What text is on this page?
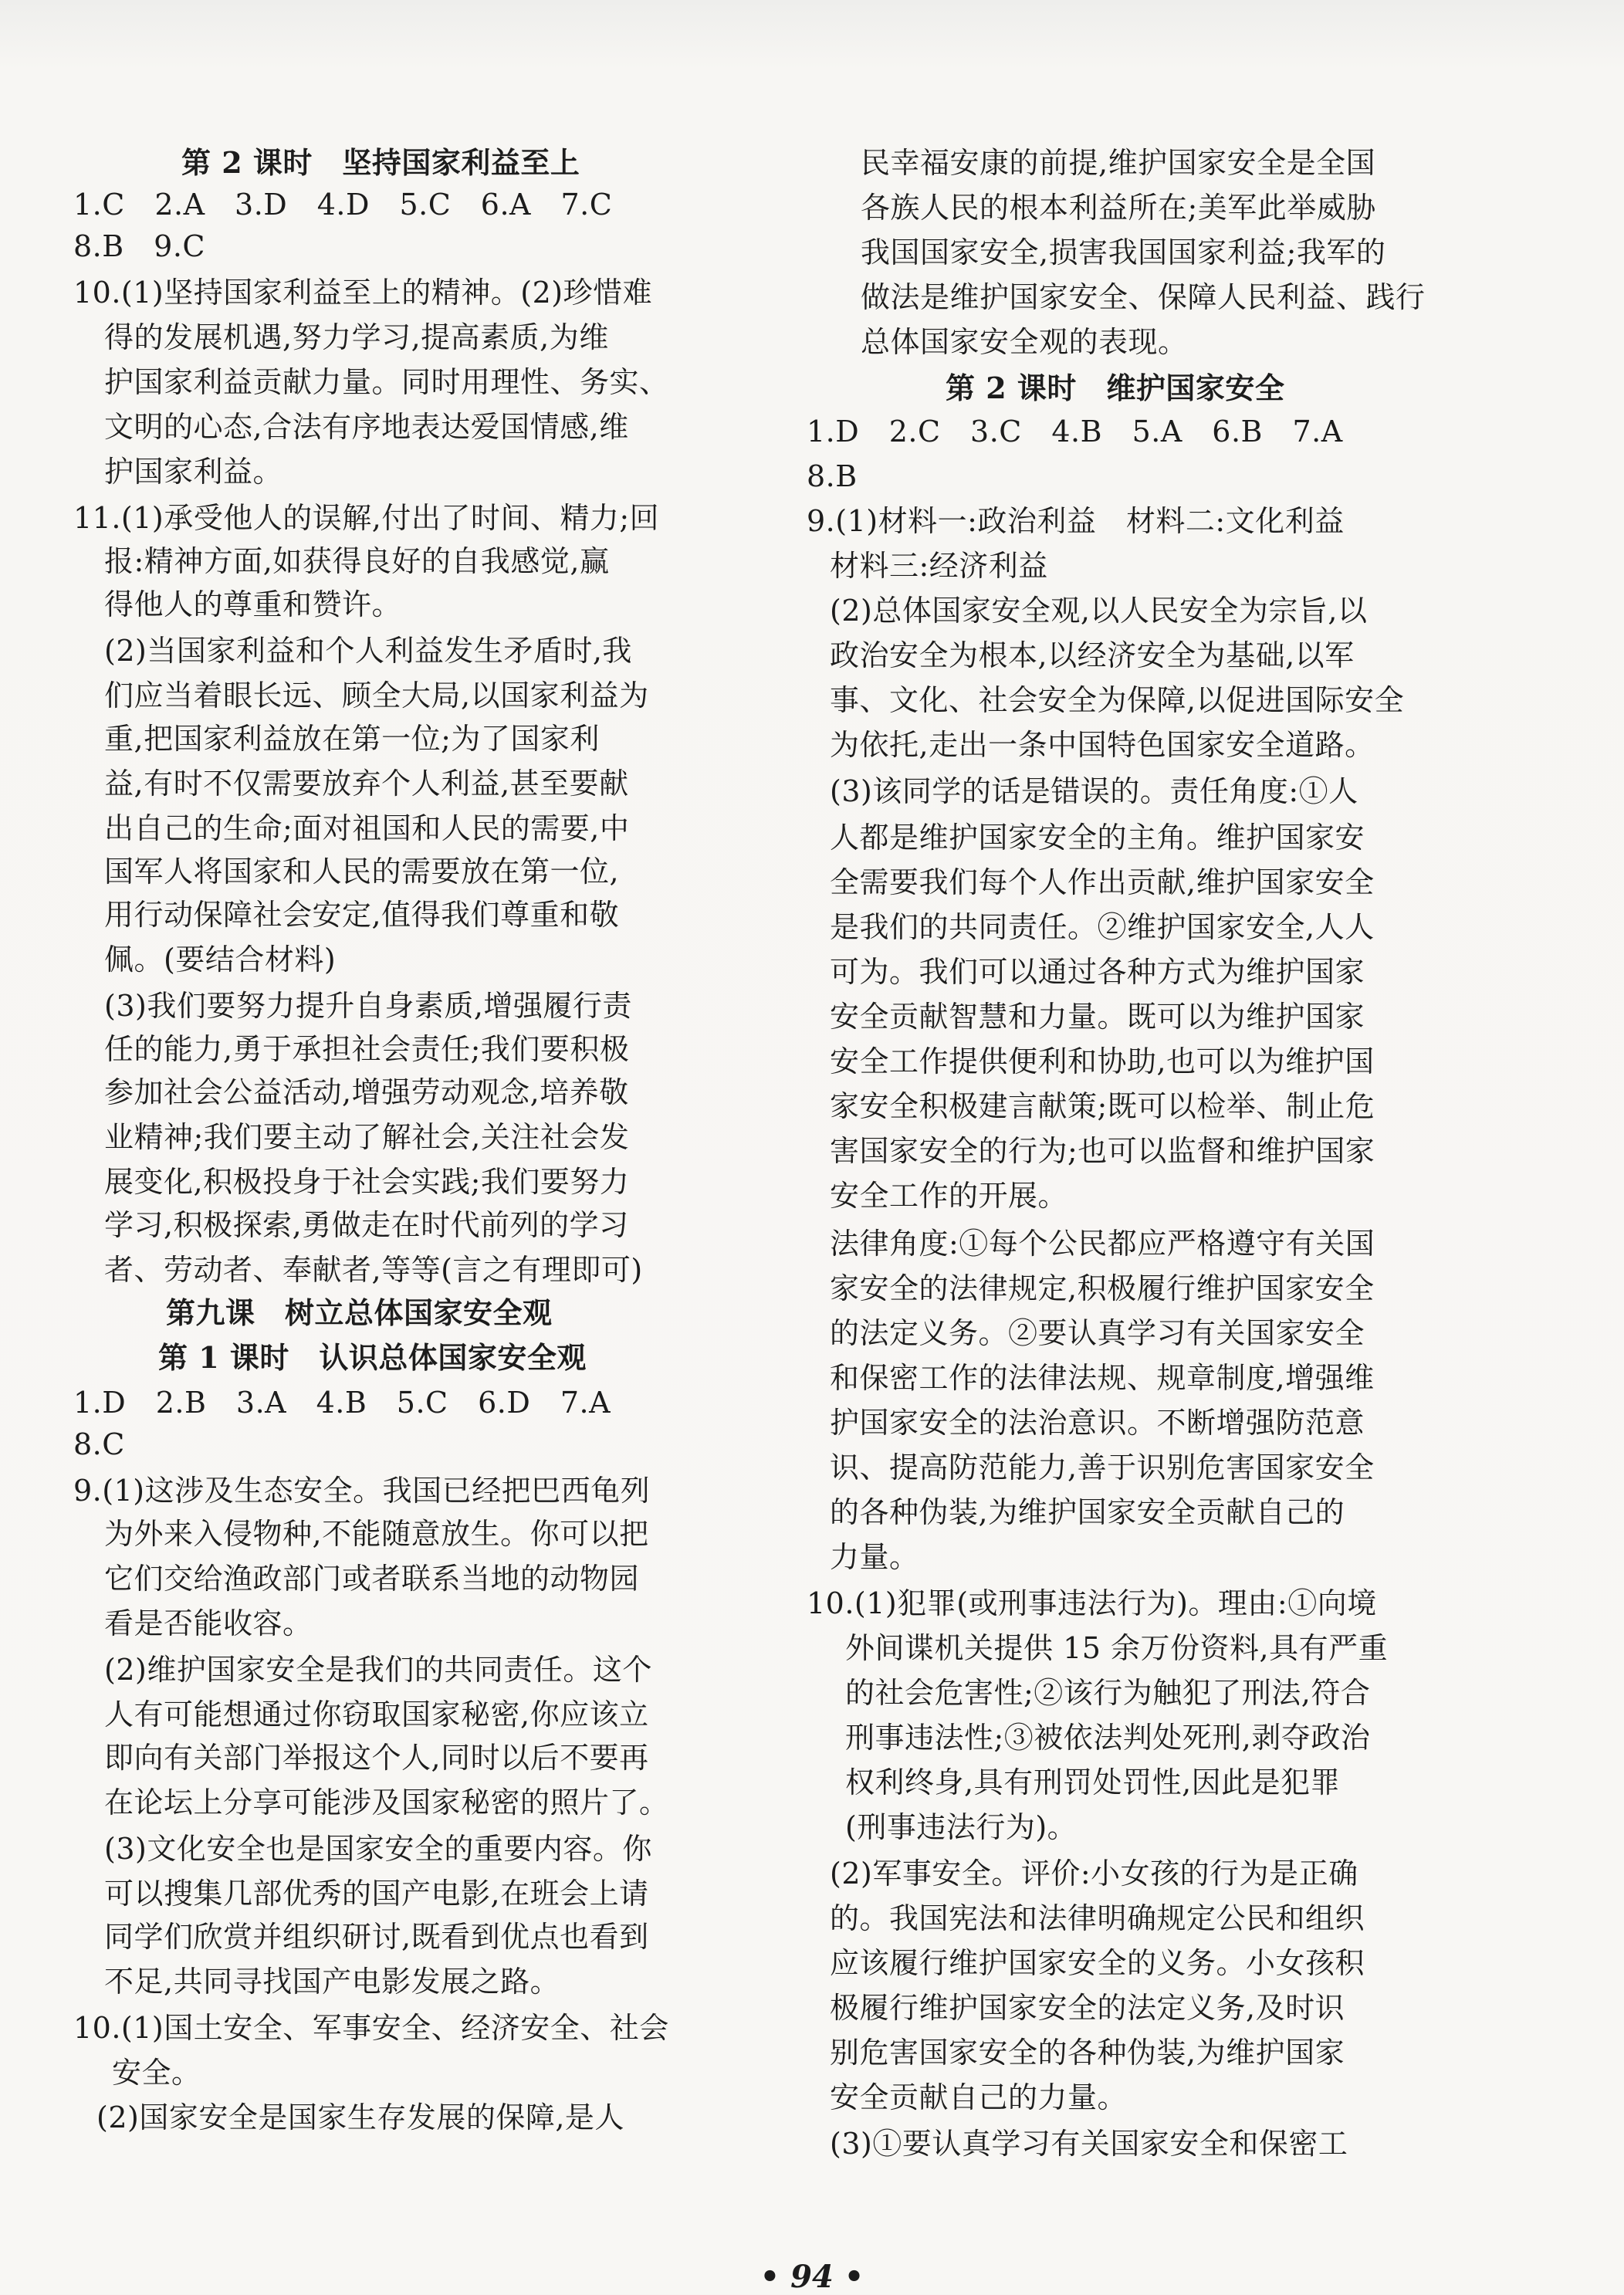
第 2 课时　坚持国家利益至上
1.C　2.A　3.D　4.D　5.C　6.A　7.C
8.B　9.C
10.(1)坚持国家利益至上的精神。(2)珍惜难
得的发展机遇,努力学习,提高素质,为维
护国家利益贡献力量。同时用理性、务实、
文明的心态,合法有序地表达爱国情感,维
护国家利益。
11.(1)承受他人的误解,付出了时间、精力;回
报:精神方面,如获得良好的自我感觉,赢
得他人的尊重和赞许。
(2)当国家利益和个人利益发生矛盾时,我
们应当着眼长远、顾全大局,以国家利益为
重,把国家利益放在第一位;为了国家利
益,有时不仅需要放弃个人利益,甚至要献
出自己的生命;面对祖国和人民的需要,中
国军人将国家和人民的需要放在第一位,
用行动保障社会安定,值得我们尊重和敬
佩。(要结合材料)
(3)我们要努力提升自身素质,增强履行责
任的能力,勇于承担社会责任;我们要积极
参加社会公益活动,增强劳动观念,培养敬
业精神;我们要主动了解社会,关注社会发
展变化,积极投身于社会实践;我们要努力
学习,积极探索,勇做走在时代前列的学习
者、劳动者、奉献者,等等(言之有理即可)
第九课　树立总体国家安全观
第 1 课时　认识总体国家安全观
1.D　2.B　3.A　4.B　5.C　6.D　7.A
8.C
9.(1)这涉及生态安全。我国已经把巴西龟列
为外来入侵物种,不能随意放生。你可以把
它们交给渔政部门或者联系当地的动物园
看是否能收容。
(2)维护国家安全是我们的共同责任。这个
人有可能想通过你窃取国家秘密,你应该立
即向有关部门举报这个人,同时以后不要再
在论坛上分享可能涉及国家秘密的照片了。
(3)文化安全也是国家安全的重要内容。你
可以搜集几部优秀的国产电影,在班会上请
同学们欣赏并组织研讨,既看到优点也看到
不足,共同寻找国产电影发展之路。
10.(1)国土安全、军事安全、经济安全、社会
安全。
(2)国家安全是国家生存发展的保障,是人
民幸福安康的前提,维护国家安全是全国
各族人民的根本利益所在;美军此举威胁
我国国家安全,损害我国国家利益;我军的
做法是维护国家安全、保障人民利益、践行
总体国家安全观的表现。
第 2 课时　维护国家安全
1.D　2.C　3.C　4.B　5.A　6.B　7.A
8.B
9.(1)材料一:政治利益　材料二:文化利益
材料三:经济利益
(2)总体国家安全观,以人民安全为宗旨,以
政治安全为根本,以经济安全为基础,以军
事、文化、社会安全为保障,以促进国际安全
为依托,走出一条中国特色国家安全道路。
(3)该同学的话是错误的。责任角度:①人
人都是维护国家安全的主角。维护国家安
全需要我们每个人作出贡献,维护国家安全
是我们的共同责任。②维护国家安全,人人
可为。我们可以通过各种方式为维护国家
安全贡献智慧和力量。既可以为维护国家
安全工作提供便利和协助,也可以为维护国
家安全积极建言献策;既可以检举、制止危
害国家安全的行为;也可以监督和维护国家
安全工作的开展。
法律角度:①每个公民都应严格遵守有关国
家安全的法律规定,积极履行维护国家安全
的法定义务。②要认真学习有关国家安全
和保密工作的法律法规、规章制度,增强维
护国家安全的法治意识。不断增强防范意
识、提高防范能力,善于识别危害国家安全
的各种伪装,为维护国家安全贡献自己的
力量。
10.(1)犯罪(或刑事违法行为)。理由:①向境
外间谍机关提供 15 余万份资料,具有严重
的社会危害性;②该行为触犯了刑法,符合
刑事违法性;③被依法判处死刑,剥夺政治
权利终身,具有刑罚处罚性,因此是犯罪
(刑事违法行为)。
(2)军事安全。评价:小女孩的行为是正确
的。我国宪法和法律明确规定公民和组织
应该履行维护国家安全的义务。小女孩积
极履行维护国家安全的法定义务,及时识
别危害国家安全的各种伪装,为维护国家
安全贡献自己的力量。
(3)①要认真学习有关国家安全和保密工
• 94 •
